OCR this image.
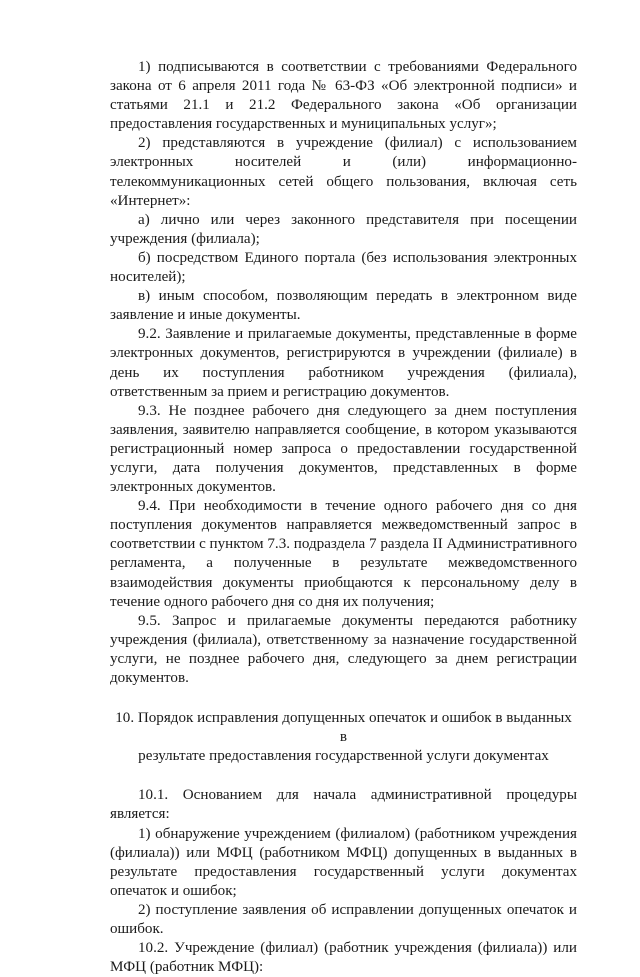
1) подписываются в соответствии с требованиями Федерального закона от 6 апреля 2011 года № 63-ФЗ «Об электронной подписи» и статьями 21.1 и 21.2 Федерального закона «Об организации предоставления государственных и муниципальных услуг»;

2) представляются в учреждение (филиал) с использованием электронных носителей и (или) информационно-телекоммуникационных сетей общего пользования, включая сеть «Интернет»:

а) лично или через законного представителя при посещении учреждения (филиала);

б) посредством Единого портала (без использования электронных носителей);

в) иным способом, позволяющим передать в электронном виде заявление и иные документы.

9.2. Заявление и прилагаемые документы, представленные в форме электронных документов, регистрируются в учреждении (филиале) в день их поступления работником учреждения (филиала), ответственным за прием и регистрацию документов.

9.3. Не позднее рабочего дня следующего за днем поступления заявления, заявителю направляется сообщение, в котором указываются регистрационный номер запроса о предоставлении государственной услуги, дата получения документов, представленных в форме электронных документов.

9.4. При необходимости в течение одного рабочего дня со дня поступления документов направляется межведомственный запрос в соответствии с пунктом 7.3. подраздела 7 раздела II Административного регламента, а полученные в результате межведомственного взаимодействия документы приобщаются к персональному делу в течение одного рабочего дня со дня их получения;

9.5. Запрос и прилагаемые документы передаются работнику учреждения (филиала), ответственному за назначение государственной услуги, не позднее рабочего дня, следующего за днем регистрации документов.

10. Порядок исправления допущенных опечаток и ошибок в выданных в
результате предоставления государственной услуги документах

10.1. Основанием для начала административной процедуры является:

1) обнаружение учреждением (филиалом) (работником учреждения (филиала)) или МФЦ (работником МФЦ) допущенных в выданных в результате предоставления государственный услуги документах опечаток и ошибок;

2) поступление заявления об исправлении допущенных опечаток и ошибок.

10.2. Учреждение (филиал) (работник учреждения (филиала)) или МФЦ (работник МФЦ):
